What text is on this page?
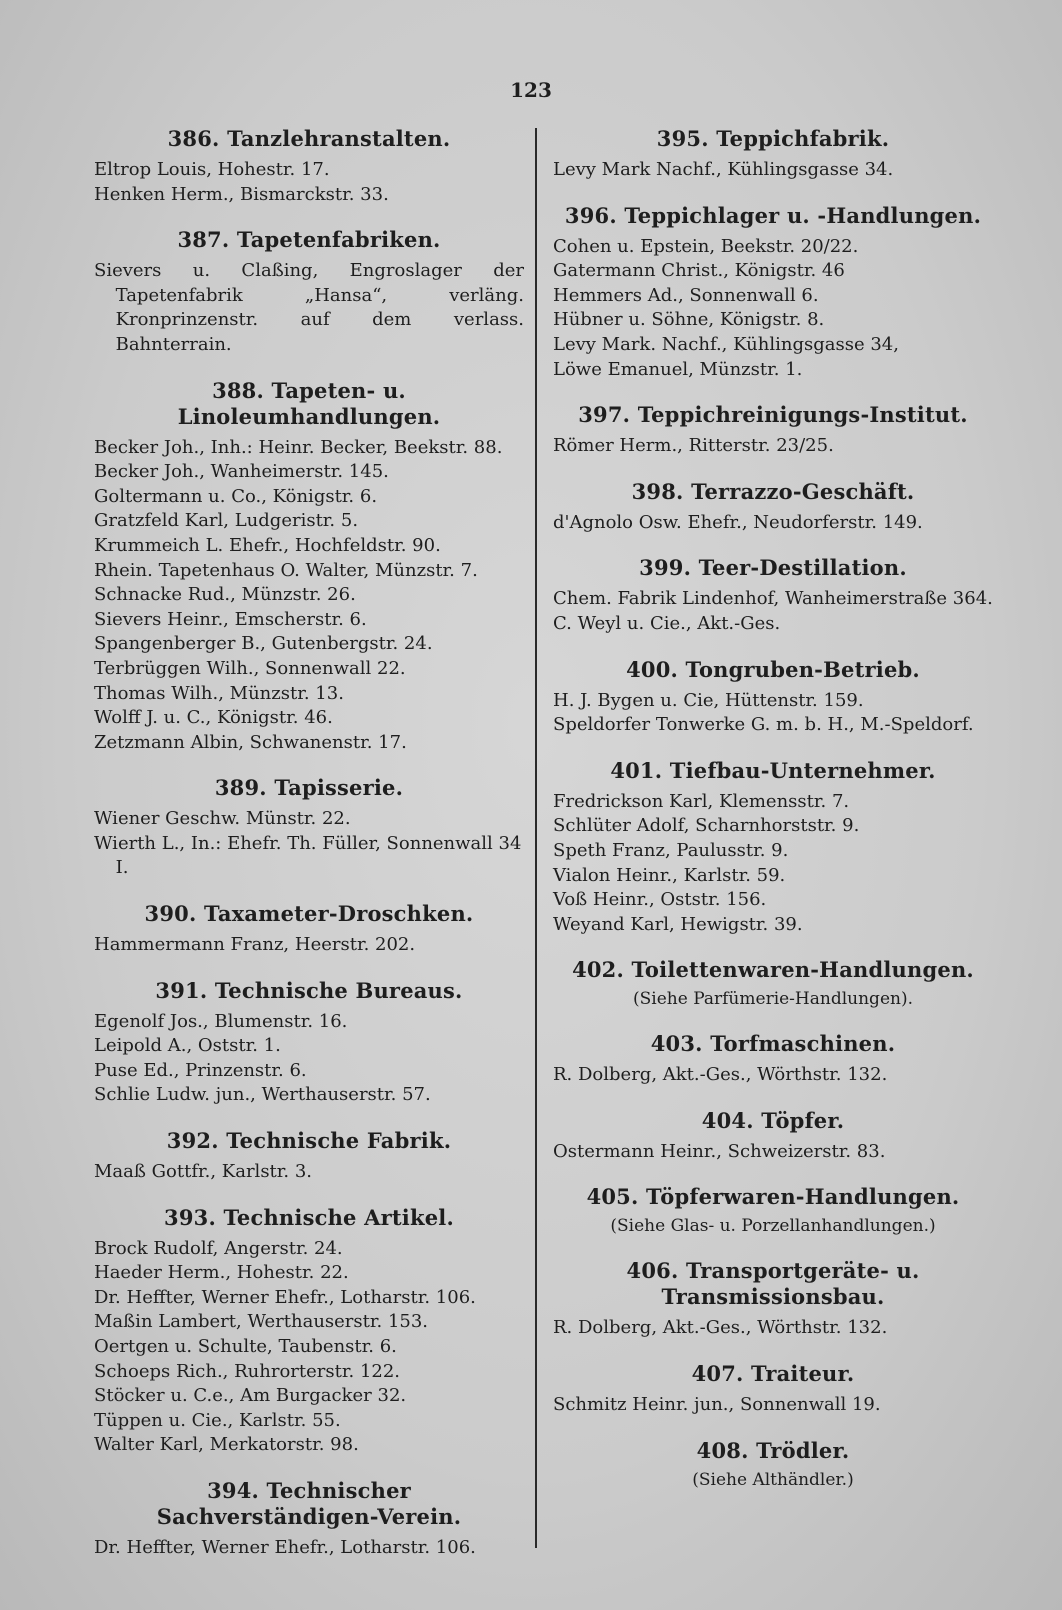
123
386. Tanzlehranstalten.
Eltrop Louis, Hohestr. 17.
Henken Herm., Bismarckstr. 33.
387. Tapetenfabriken.
Sievers u. Claßing, Engroslager der Tapetenfabrik „Hansa“, verläng. Kronprinzenstr. auf dem verlass. Bahnterrain.
388. Tapeten- u. Linoleumhandlungen.
Becker Joh., Inh.: Heinr. Becker, Beekstr. 88.
Becker Joh., Wanheimerstr. 145.
Goltermann u. Co., Königstr. 6.
Gratzfeld Karl, Ludgeristr. 5.
Krummeich L. Ehefr., Hochfeldstr. 90.
Rhein. Tapetenhaus O. Walter, Münzstr. 7.
Schnacke Rud., Münzstr. 26.
Sievers Heinr., Emscherstr. 6.
Spangenberger B., Gutenbergstr. 24.
Terbrüggen Wilh., Sonnenwall 22.
Thomas Wilh., Münzstr. 13.
Wolff J. u. C., Königstr. 46.
Zetzmann Albin, Schwanenstr. 17.
389. Tapisserie.
Wiener Geschw. Münstr. 22.
Wierth L., In.: Ehefr. Th. Füller, Sonnenwall 34 I.
390. Taxameter-Droschken.
Hammermann Franz, Heerstr. 202.
391. Technische Bureaus.
Egenolf Jos., Blumenstr. 16.
Leipold A., Oststr. 1.
Puse Ed., Prinzenstr. 6.
Schlie Ludw. jun., Werthauserstr. 57.
392. Technische Fabrik.
Maaß Gottfr., Karlstr. 3.
393. Technische Artikel.
Brock Rudolf, Angerstr. 24.
Haeder Herm., Hohestr. 22.
Dr. Heffter, Werner Ehefr., Lotharstr. 106.
Maßin Lambert, Werthauserstr. 153.
Oertgen u. Schulte, Taubenstr. 6.
Schoeps Rich., Ruhrorterstr. 122.
Stöcker u. C.e., Am Burgacker 32.
Tüppen u. Cie., Karlstr. 55.
Walter Karl, Merkatorstr. 98.
394. Technischer Sachverständigen-Verein.
Dr. Heffter, Werner Ehefr., Lotharstr. 106.
395. Teppichfabrik.
Levy Mark Nachf., Kühlingsgasse 34.
396. Teppichlager u. -Handlungen.
Cohen u. Epstein, Beekstr. 20/22.
Gatermann Christ., Königstr. 46
Hemmers Ad., Sonnenwall 6.
Hübner u. Söhne, Königstr. 8.
Levy Mark. Nachf., Kühlingsgasse 34,
Löwe Emanuel, Münzstr. 1.
397. Teppichreinigungs-Institut.
Römer Herm., Ritterstr. 23/25.
398. Terrazzo-Geschäft.
d'Agnolo Osw. Ehefr., Neudorferstr. 149.
399. Teer-Destillation.
Chem. Fabrik Lindenhof, Wanheimerstraße 364.
C. Weyl u. Cie., Akt.-Ges.
400. Tongruben-Betrieb.
H. J. Bygen u. Cie, Hüttenstr. 159.
Speldorfer Tonwerke G. m. b. H., M.-Speldorf.
401. Tiefbau-Unternehmer.
Fredrickson Karl, Klemensstr. 7.
Schlüter Adolf, Scharnhorststr. 9.
Speth Franz, Paulusstr. 9.
Vialon Heinr., Karlstr. 59.
Voß Heinr., Oststr. 156.
Weyand Karl, Hewigstr. 39.
402. Toilettenwaren-Handlungen.
(Siehe Parfümerie-Handlungen).
403. Torfmaschinen.
R. Dolberg, Akt.-Ges., Wörthstr. 132.
404. Töpfer.
Ostermann Heinr., Schweizerstr. 83.
405. Töpferwaren-Handlungen.
(Siehe Glas- u. Porzellanhandlungen.)
406. Transportgeräte- u. Transmissionsbau.
R. Dolberg, Akt.-Ges., Wörthstr. 132.
407. Traiteur.
Schmitz Heinr. jun., Sonnenwall 19.
408. Trödler.
(Siehe Althändler.)
